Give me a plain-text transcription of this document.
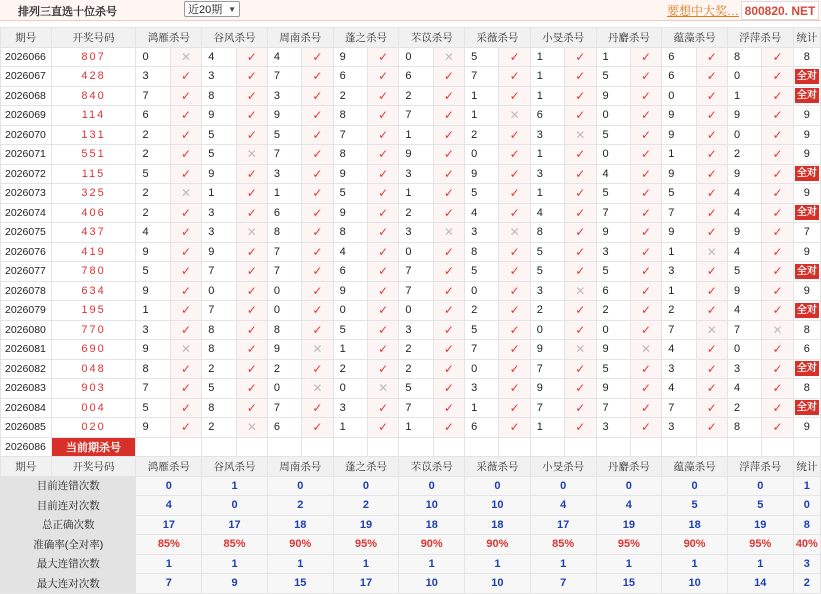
排列三直选十位杀号	近20期 ▼	要想中大奖… 800820. NET
期号	开奖号码	鸿雁杀号		谷风杀号		周南杀号		蓬之杀号		芣苡杀号		采薇杀号		小旻杀号		丹麝杀号		蕴藻杀号		浮萍杀号		统计
2026066	807	0	✕	4	✓	4	✓	9	✓	0	✕	5	✓	1	✓	1	✓	6	✓	8	✓	8
2026067	428	3	✓	3	✓	7	✓	6	✓	6	✓	7	✓	1	✓	5	✓	6	✓	0	✓	全对
2026068	840	7	✓	8	✓	3	✓	2	✓	2	✓	1	✓	1	✓	9	✓	0	✓	1	✓	全对
2026069	114	6	✓	9	✓	9	✓	8	✓	7	✓	1	✕	6	✓	0	✓	9	✓	9	✓	9
2026070	131	2	✓	5	✓	5	✓	7	✓	1	✓	2	✓	3	✕	5	✓	9	✓	0	✓	9
2026071	551	2	✓	5	✕	7	✓	8	✓	9	✓	0	✓	1	✓	0	✓	1	✓	2	✓	9
2026072	115	5	✓	9	✓	3	✓	9	✓	3	✓	9	✓	3	✓	4	✓	9	✓	9	✓	全对
2026073	325	2	✕	1	✓	1	✓	5	✓	1	✓	5	✓	1	✓	5	✓	5	✓	4	✓	9
2026074	406	2	✓	3	✓	6	✓	9	✓	2	✓	4	✓	4	✓	7	✓	7	✓	4	✓	全对
2026075	437	4	✓	3	✕	8	✓	8	✓	3	✕	3	✕	8	✓	9	✓	9	✓	9	✓	7
2026076	419	9	✓	9	✓	7	✓	4	✓	0	✓	8	✓	5	✓	3	✓	1	✕	4	✓	9
2026077	780	5	✓	7	✓	7	✓	6	✓	7	✓	5	✓	5	✓	5	✓	3	✓	5	✓	全对
2026078	634	9	✓	0	✓	0	✓	9	✓	7	✓	0	✓	3	✕	6	✓	1	✓	9	✓	9
2026079	195	1	✓	7	✓	0	✓	0	✓	0	✓	2	✓	2	✓	2	✓	2	✓	4	✓	全对
2026080	770	3	✓	8	✓	8	✓	5	✓	3	✓	5	✓	0	✓	0	✓	7	✕	7	✕	8
2026081	690	9	✕	8	✓	9	✕	1	✓	2	✓	7	✓	9	✕	9	✕	4	✓	0	✓	6
2026082	048	8	✓	2	✓	2	✓	2	✓	2	✓	0	✓	7	✓	5	✓	3	✓	3	✓	全对
2026083	903	7	✓	5	✓	0	✕	0	✕	5	✓	3	✓	9	✓	9	✓	4	✓	4	✓	8
2026084	004	5	✓	8	✓	7	✓	3	✓	7	✓	1	✓	7	✓	7	✓	7	✓	2	✓	全对
2026085	020	9	✓	2	✕	6	✓	1	✓	1	✓	6	✓	1	✓	3	✓	3	✓	8	✓	9
2026086	当前期杀号	8		2		6		3		8		9		9		9		4		5		
期号	开奖号码	鸿雁杀号		谷风杀号		周南杀号		蓬之杀号		芣苡杀号		采薇杀号		小旻杀号		丹麝杀号		蕴藻杀号		浮萍杀号		统计
目前连错次数		0		1		0		0		0		0		0		0		0		0		1
目前连对次数		4		0		2		2		10		10		4		4		5		5		0
总正确次数		17		17		18		19		18		18		17		19		18		19		8
准确率(全对率)		85%		85%		90%		95%		90%		90%		85%		95%		90%		95%		40%
最大连错次数		1		1		1		1		1		1		1		1		1		1		3
最大连对次数		7		9		15		17		10		10		7		15		10		14		2
